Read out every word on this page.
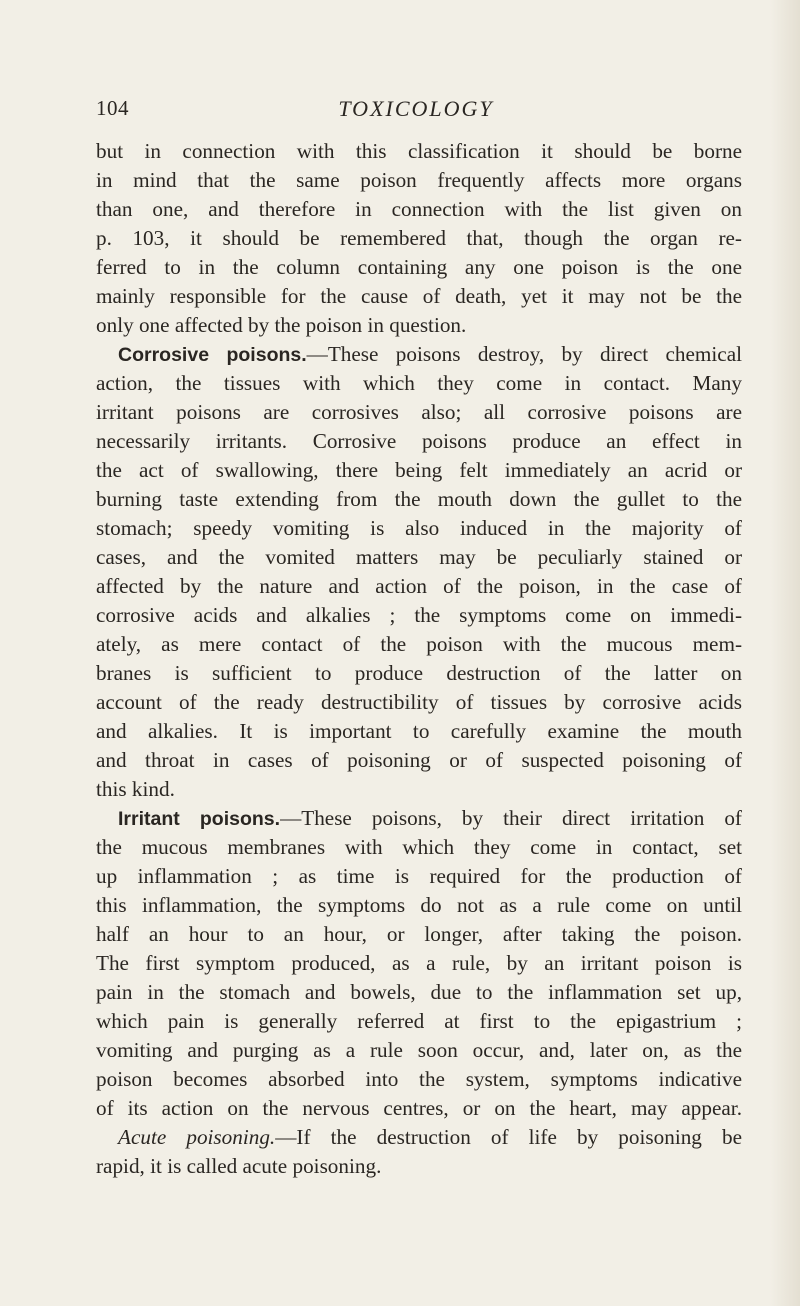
104	TOXICOLOGY
but in connection with this classification it should be borne
in mind that the same poison frequently affects more organs
than one, and therefore in connection with the list given on
p. 103, it should be remembered that, though the organ re-
ferred to in the column containing any one poison is the one
mainly responsible for the cause of death, yet it may not be the
only one affected by the poison in question.
Corrosive poisons.—These poisons destroy, by direct chemical
action, the tissues with which they come in contact. Many
irritant poisons are corrosives also; all corrosive poisons are
necessarily irritants. Corrosive poisons produce an effect in
the act of swallowing, there being felt immediately an acrid or
burning taste extending from the mouth down the gullet to the
stomach; speedy vomiting is also induced in the majority of
cases, and the vomited matters may be peculiarly stained or
affected by the nature and action of the poison, in the case of
corrosive acids and alkalies ; the symptoms come on immedi-
ately, as mere contact of the poison with the mucous mem-
branes is sufficient to produce destruction of the latter on
account of the ready destructibility of tissues by corrosive acids
and alkalies. It is important to carefully examine the mouth
and throat in cases of poisoning or of suspected poisoning of
this kind.
Irritant poisons.—These poisons, by their direct irritation of
the mucous membranes with which they come in contact, set
up inflammation ; as time is required for the production of
this inflammation, the symptoms do not as a rule come on until
half an hour to an hour, or longer, after taking the poison.
The first symptom produced, as a rule, by an irritant poison is
pain in the stomach and bowels, due to the inflammation set up,
which pain is generally referred at first to the epigastrium ;
vomiting and purging as a rule soon occur, and, later on, as the
poison becomes absorbed into the system, symptoms indicative
of its action on the nervous centres, or on the heart, may appear.
Acute poisoning.—If the destruction of life by poisoning be
rapid, it is called acute poisoning.
